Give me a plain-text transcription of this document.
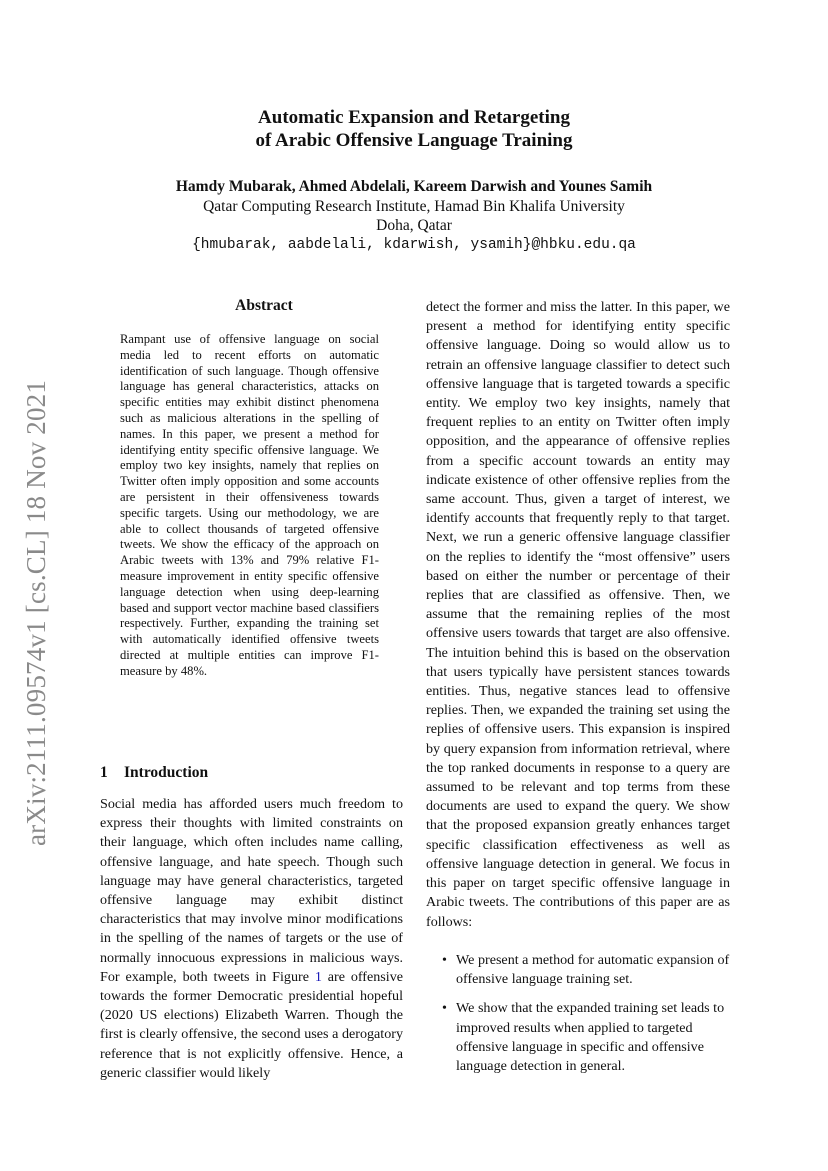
arXiv:2111.09574v1 [cs.CL] 18 Nov 2021
Automatic Expansion and Retargeting
of Arabic Offensive Language Training
Hamdy Mubarak, Ahmed Abdelali, Kareem Darwish and Younes Samih
Qatar Computing Research Institute, Hamad Bin Khalifa University
Doha, Qatar
{hmubarak, aabdelali, kdarwish, ysamih}@hbku.edu.qa
Abstract
Rampant use of offensive language on social media led to recent efforts on automatic identification of such language. Though offensive language has general characteristics, attacks on specific entities may exhibit distinct phenomena such as malicious alterations in the spelling of names. In this paper, we present a method for identifying entity specific offensive language. We employ two key insights, namely that replies on Twitter often imply opposition and some accounts are persistent in their offensiveness towards specific targets. Using our methodology, we are able to collect thousands of targeted offensive tweets. We show the efficacy of the approach on Arabic tweets with 13% and 79% relative F1-measure improvement in entity specific offensive language detection when using deep-learning based and support vector machine based classifiers respectively. Further, expanding the training set with automatically identified offensive tweets directed at multiple entities can improve F1-measure by 48%.
1 Introduction
Social media has afforded users much freedom to express their thoughts with limited constraints on their language, which often includes name calling, offensive language, and hate speech. Though such language may have general characteristics, targeted offensive language may exhibit distinct characteristics that may involve minor modifications in the spelling of the names of targets or the use of normally innocuous expressions in malicious ways. For example, both tweets in Figure 1 are offensive towards the former Democratic presidential hopeful (2020 US elections) Elizabeth Warren. Though the first is clearly offensive, the second uses a derogatory reference that is not explicitly offensive. Hence, a generic classifier would likely
detect the former and miss the latter. In this paper, we present a method for identifying entity specific offensive language. Doing so would allow us to retrain an offensive language classifier to detect such offensive language that is targeted towards a specific entity. We employ two key insights, namely that frequent replies to an entity on Twitter often imply opposition, and the appearance of offensive replies from a specific account towards an entity may indicate existence of other offensive replies from the same account. Thus, given a target of interest, we identify accounts that frequently reply to that target. Next, we run a generic offensive language classifier on the replies to identify the “most offensive” users based on either the number or percentage of their replies that are classified as offensive. Then, we assume that the remaining replies of the most offensive users towards that target are also offensive. The intuition behind this is based on the observation that users typically have persistent stances towards entities. Thus, negative stances lead to offensive replies. Then, we expanded the training set using the replies of offensive users. This expansion is inspired by query expansion from information retrieval, where the top ranked documents in response to a query are assumed to be relevant and top terms from these documents are used to expand the query. We show that the proposed expansion greatly enhances target specific classification effectiveness as well as offensive language detection in general. We focus in this paper on target specific offensive language in Arabic tweets. The contributions of this paper are as follows:
• We present a method for automatic expansion of offensive language training set.
• We show that the expanded training set leads to improved results when applied to targeted offensive language in specific and offensive language detection in general.
